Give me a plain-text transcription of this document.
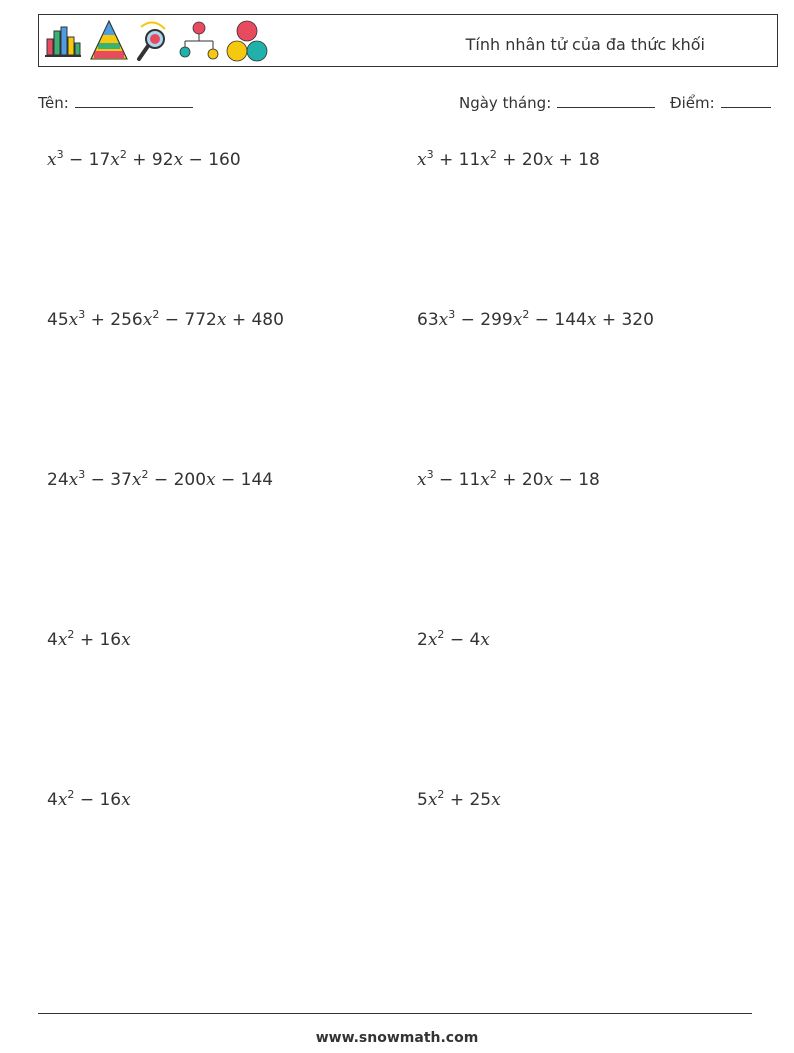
Tính nhân tử của đa thức khối
Tên:	Ngày tháng:	Điểm:
$x^3 - 17x^2 + 92x - 160$	$x^3 + 11x^2 + 20x + 18$
$45x^3 + 256x^2 - 772x + 480$	$63x^3 - 299x^2 - 144x + 320$
$24x^3 - 37x^2 - 200x - 144$	$x^3 - 11x^2 + 20x - 18$
$4x^2 + 16x$	$2x^2 - 4x$
$4x^2 - 16x$	$5x^2 + 25x$
www.snowmath.com
